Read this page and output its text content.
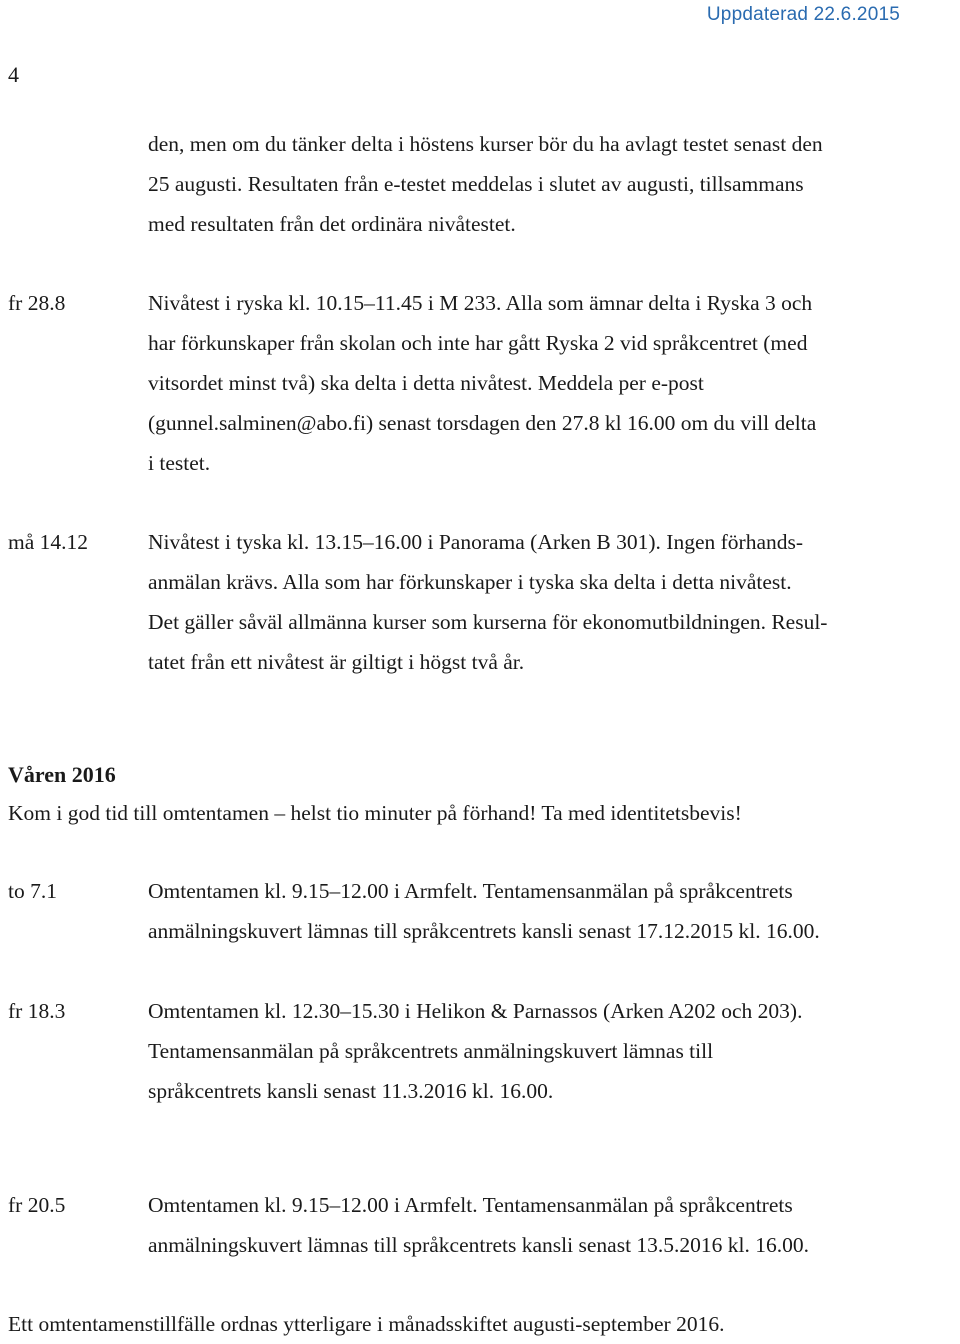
Uppdaterad 22.6.2015
4

den, men om du tänker delta i höstens kurser bör du ha avlagt testet senast den

25 augusti. Resultaten från e-testet meddelas i slutet av augusti, tillsammans

med resultaten från det ordinära nivåtestet.

fr 28.8	Nivåtest i ryska kl. 10.15–11.45 i M 233. Alla som ämnar delta i Ryska 3 och

har förkunskaper från skolan och inte har gått Ryska 2 vid språkcentret (med

vitsordet minst två) ska delta i detta nivåtest. Meddela per e-post

(gunnel.salminen@abo.fi) senast torsdagen den 27.8 kl 16.00 om du vill delta

i testet.

må 14.12	Nivåtest i tyska kl. 13.15–16.00 i Panorama (Arken B 301). Ingen förhands-

anmälan krävs. Alla som har förkunskaper i tyska ska delta i detta nivåtest.

Det gäller såväl allmänna kurser som kurserna för ekonomutbildningen. Resul-

tatet från ett nivåtest är giltigt i högst två år.

Våren 2016
Kom i god tid till omtentamen – helst tio minuter på förhand! Ta med identitetsbevis!
to 7.1	Omtentamen kl. 9.15–12.00 i Armfelt. Tentamensanmälan på språkcentrets

anmälningskuvert lämnas till språkcentrets kansli senast 17.12.2015 kl. 16.00.

fr 18.3	Omtentamen kl. 12.30–15.30 i Helikon & Parnassos (Arken A202 och 203).

Tentamensanmälan på språkcentrets anmälningskuvert lämnas till

språkcentrets kansli senast 11.3.2016 kl. 16.00.

fr 20.5	Omtentamen kl. 9.15–12.00 i Armfelt. Tentamensanmälan på språkcentrets

anmälningskuvert lämnas till språkcentrets kansli senast 13.5.2016 kl. 16.00.

Ett omtentamenstillfälle ordnas ytterligare i månadsskiftet augusti-september 2016.
